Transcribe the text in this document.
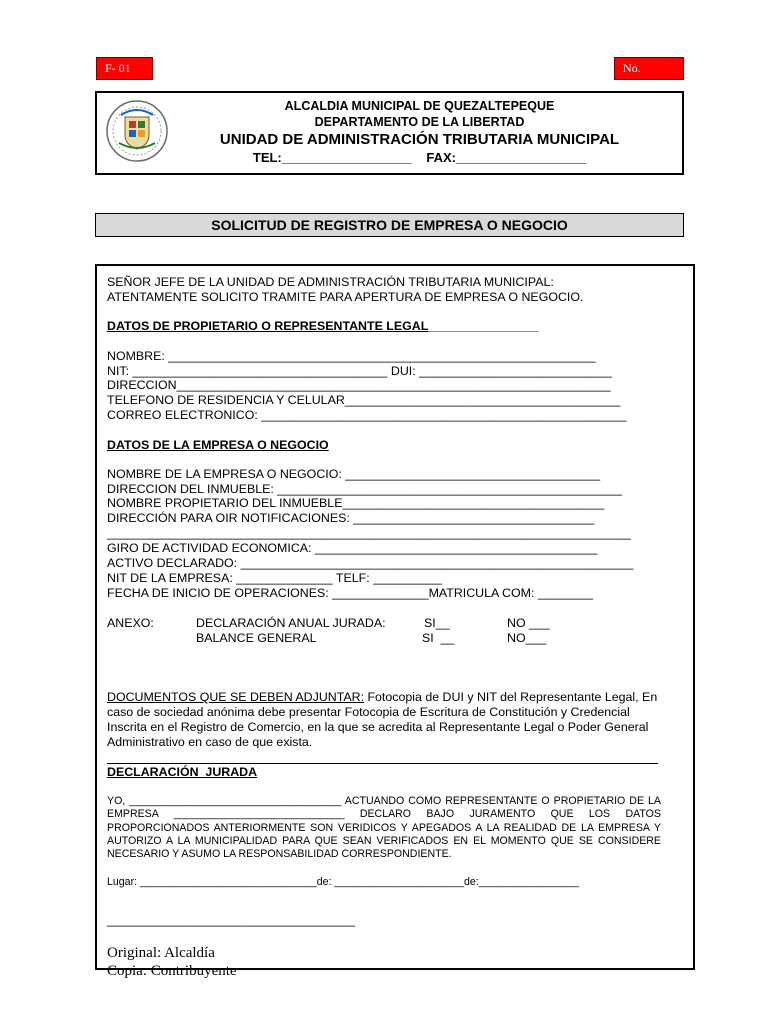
F- 01	No.
ALCALDIA MUNICIPAL DE QUEZALTEPEQUE
DEPARTAMENTO DE LA LIBERTAD
UNIDAD DE ADMINISTRACIÓN TRIBUTARIA MUNICIPAL
TEL:__________________ FAX:__________________
SOLICITUD DE REGISTRO DE EMPRESA O NEGOCIO
SEÑOR JEFE DE LA UNIDAD DE ADMINISTRACIÓN TRIBUTARIA MUNICIPAL:
ATENTAMENTE SOLICITO TRAMITE PARA APERTURA DE EMPRESA O NEGOCIO.
DATOS DE PROPIETARIO O REPRESENTANTE LEGAL________________
NOMBRE: ______________________________________________________________
NIT: _____________________________________ DUI: ____________________________
DIRECCION_______________________________________________________________
TELEFONO DE RESIDENCIA Y CELULAR________________________________________
CORREO ELECTRONICO: _____________________________________________________
DATOS DE LA EMPRESA O NEGOCIO
NOMBRE DE LA EMPRESA O NEGOCIO: _____________________________________
DIRECCION DEL INMUEBLE: __________________________________________________
NOMBRE PROPIETARIO DEL INMUEBLE______________________________________
DIRECCIÓN PARA OIR NOTIFICACIONES: ___________________________________
____________________________________________________________________________
GIRO DE ACTIVIDAD ECONOMICA: _________________________________________
ACTIVO DECLARADO: _________________________________________________________
NIT DE LA EMPRESA: ______________ TELF: __________
FECHA DE INICIO DE OPERACIONES: ______________MATRICULA COM: ________
ANEXO:	DECLARACIÓN ANUAL JURADA:	SI__	NO ___
BALANCE GENERAL	SI  __	NO___
DOCUMENTOS QUE SE DEBEN ADJUNTAR: Fotocopia de DUI y NIT del Representante Legal, En caso de sociedad anónima debe presentar Fotocopia de Escritura de Constitución y Credencial Inscrita en el Registro de Comercio, en la que se acredita al Representante Legal o Poder General Administrativo en caso de que exista.
DECLARACIÓN  JURADA
YO, ____________________________________ ACTUANDO COMO REPRESENTANTE O PROPIETARIO DE LA EMPRESA _____________________________ DECLARO BAJO JURAMENTO QUE LOS DATOS PROPORCIONADOS ANTERIORMENTE SON VERIDICOS Y APEGADOS A LA REALIDAD DE LA EMPRESA Y AUTORIZO A LA MUNICIPALIDAD PARA QUE SEAN VERIFICADOS EN EL MOMENTO QUE SE CONSIDERE NECESARIO Y ASUMO LA RESPONSABILIDAD CORRESPONDIENTE.
Lugar: ______________________________de: ______________________de:_________________
____________________________________
Original: Alcaldía
Copia: Contribuyente
